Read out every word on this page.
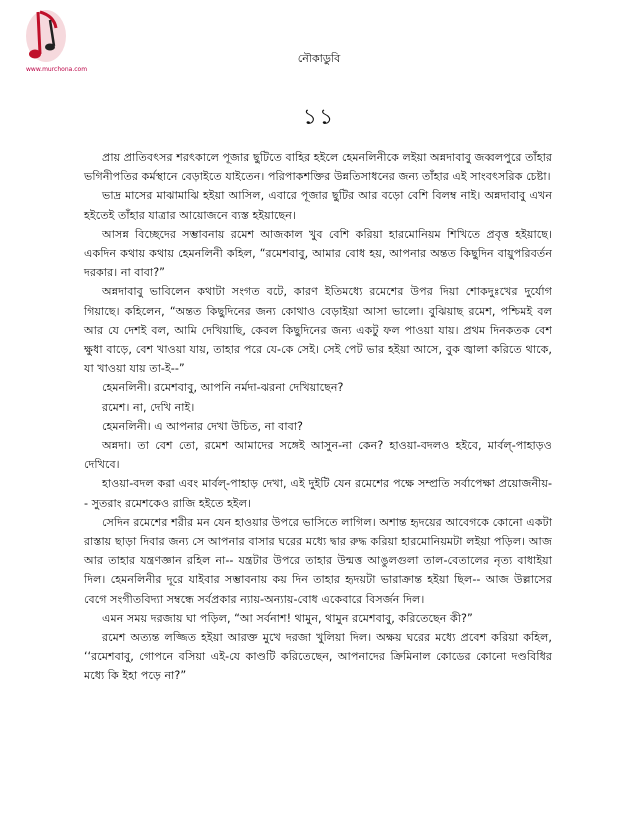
www.murchona.com
নৌকাডুবি
১১

প্রায় প্রাতিবৎসর শরৎকালে পূজার ছুটিতে বাহির হইলে হেমনলিনীকে লইয়া অন্নদাবাবু জব্বলপুরে তাঁহার ভগিনীপতির কর্মস্থানে বেড়াইতে যাইতেন। পরিপাকশক্তির উন্নতিসাধনের জন্য তাঁহার এই সাংবৎসরিক চেষ্টা।

ভাদ্র মাসের মাঝামাঝি হইয়া আসিল, এবারে পূজার ছুটির আর বড়ো বেশি বিলম্ব নাই। অন্নদাবাবু এখন হইতেই তাঁহার যাত্রার আয়োজনে ব্যস্ত হইয়াছেন।

আসন্ন বিচ্ছেদের সম্ভাবনায় রমেশ আজকাল খুব বেশি করিয়া হারমোনিয়ম শিখিতে প্রবৃত্ত হইয়াছে। একদিন কথায় কথায় হেমনলিনী কহিল, “রমেশবাবু, আমার বোধ হয়, আপনার অন্তত কিছুদিন বায়ুপরিবর্তন দরকার। না বাবা?”

অন্নদাবাবু ভাবিলেন কথাটা সংগত বটে, কারণ ইতিমধ্যে রমেশের উপর দিয়া শোকদুঃখের দুর্যোগ গিয়াছে। কহিলেন, “অন্তত কিছুদিনের জন্য কোথাও বেড়াইয়া আসা ভালো। বুঝিয়াছ রমেশ, পশ্চিমই বল আর যে দেশই বল, আমি দেখিয়াছি, কেবল কিছুদিনের জন্য একটু ফল পাওয়া যায়। প্রথম দিনকতক বেশ ক্ষুধা বাড়ে, বেশ খাওয়া যায়, তাহার পরে যে-কে সেই। সেই পেট ভার হইয়া আসে, বুক জ্বালা করিতে থাকে, যা খাওয়া যায় তা-ই--”

হেমনলিনী। রমেশবাবু, আপনি নর্মদা-ঝরনা দেখিয়াছেন?

রমেশ। না, দেখি নাই।

হেমনলিনী। এ আপনার দেখা উচিত, না বাবা?

অন্নদা। তা বেশ তো, রমেশ আমাদের সঙ্গেই আসুন-না কেন? হাওয়া-বদলও হইবে, মার্বল্-পাহাড়ও দেখিবে।

হাওয়া-বদল করা এবং মার্বল্-পাহাড় দেখা, এই দুইটি যেন রমেশের পক্ষে সম্প্রতি সর্বাপেক্ষা প্রয়োজনীয়-- সুতরাং রমেশকেও রাজি হইতে হইল।

সেদিন রমেশের শরীর মন যেন হাওয়ার উপরে ভাসিতে লাগিল। অশান্ত হৃদয়ের আবেগকে কোনো একটা রাস্তায় ছাড়া দিবার জন্য সে আপনার বাসার ঘরের মধ্যে দ্বার রুদ্ধ করিয়া হারমোনিয়মটা লইয়া পড়িল। আজ আর তাহার যন্ত্রণজ্ঞান রহিল না-- যন্ত্রটার উপরে তাহার উন্মত্ত আঙুলগুলা তাল-বেতালের নৃত্য বাধাইয়া দিল। হেমনলিনীর দূরে যাইবার সম্ভাবনায় কয় দিন তাহার হৃদয়টা ভারাক্রান্ত হইয়া ছিল-- আজ উল্লাসের বেগে সংগীতবিদ্যা সম্বন্ধে সর্বপ্রকার ন্যায়-অন্যায়-বোধ একেবারে বিসর্জন দিল।

এমন সময় দরজায় ঘা পড়িল, “আ সর্বনাশ! থামুন, থামুন রমেশবাবু, করিতেছেন কী?”

রমেশ অত্যন্ত লজ্জিত হইয়া আরক্ত মুখে দরজা খুলিয়া দিল। অক্ষয় ঘরের মধ্যে প্রবেশ করিয়া কহিল, ‘‘রমেশবাবু, গোপনে বসিয়া এই-যে কাণ্ডটি করিতেছেন, আপনাদের ক্রিমিনাল কোডের কোনো দণ্ডবিধির মধ্যে কি ইহা পড়ে না?”
